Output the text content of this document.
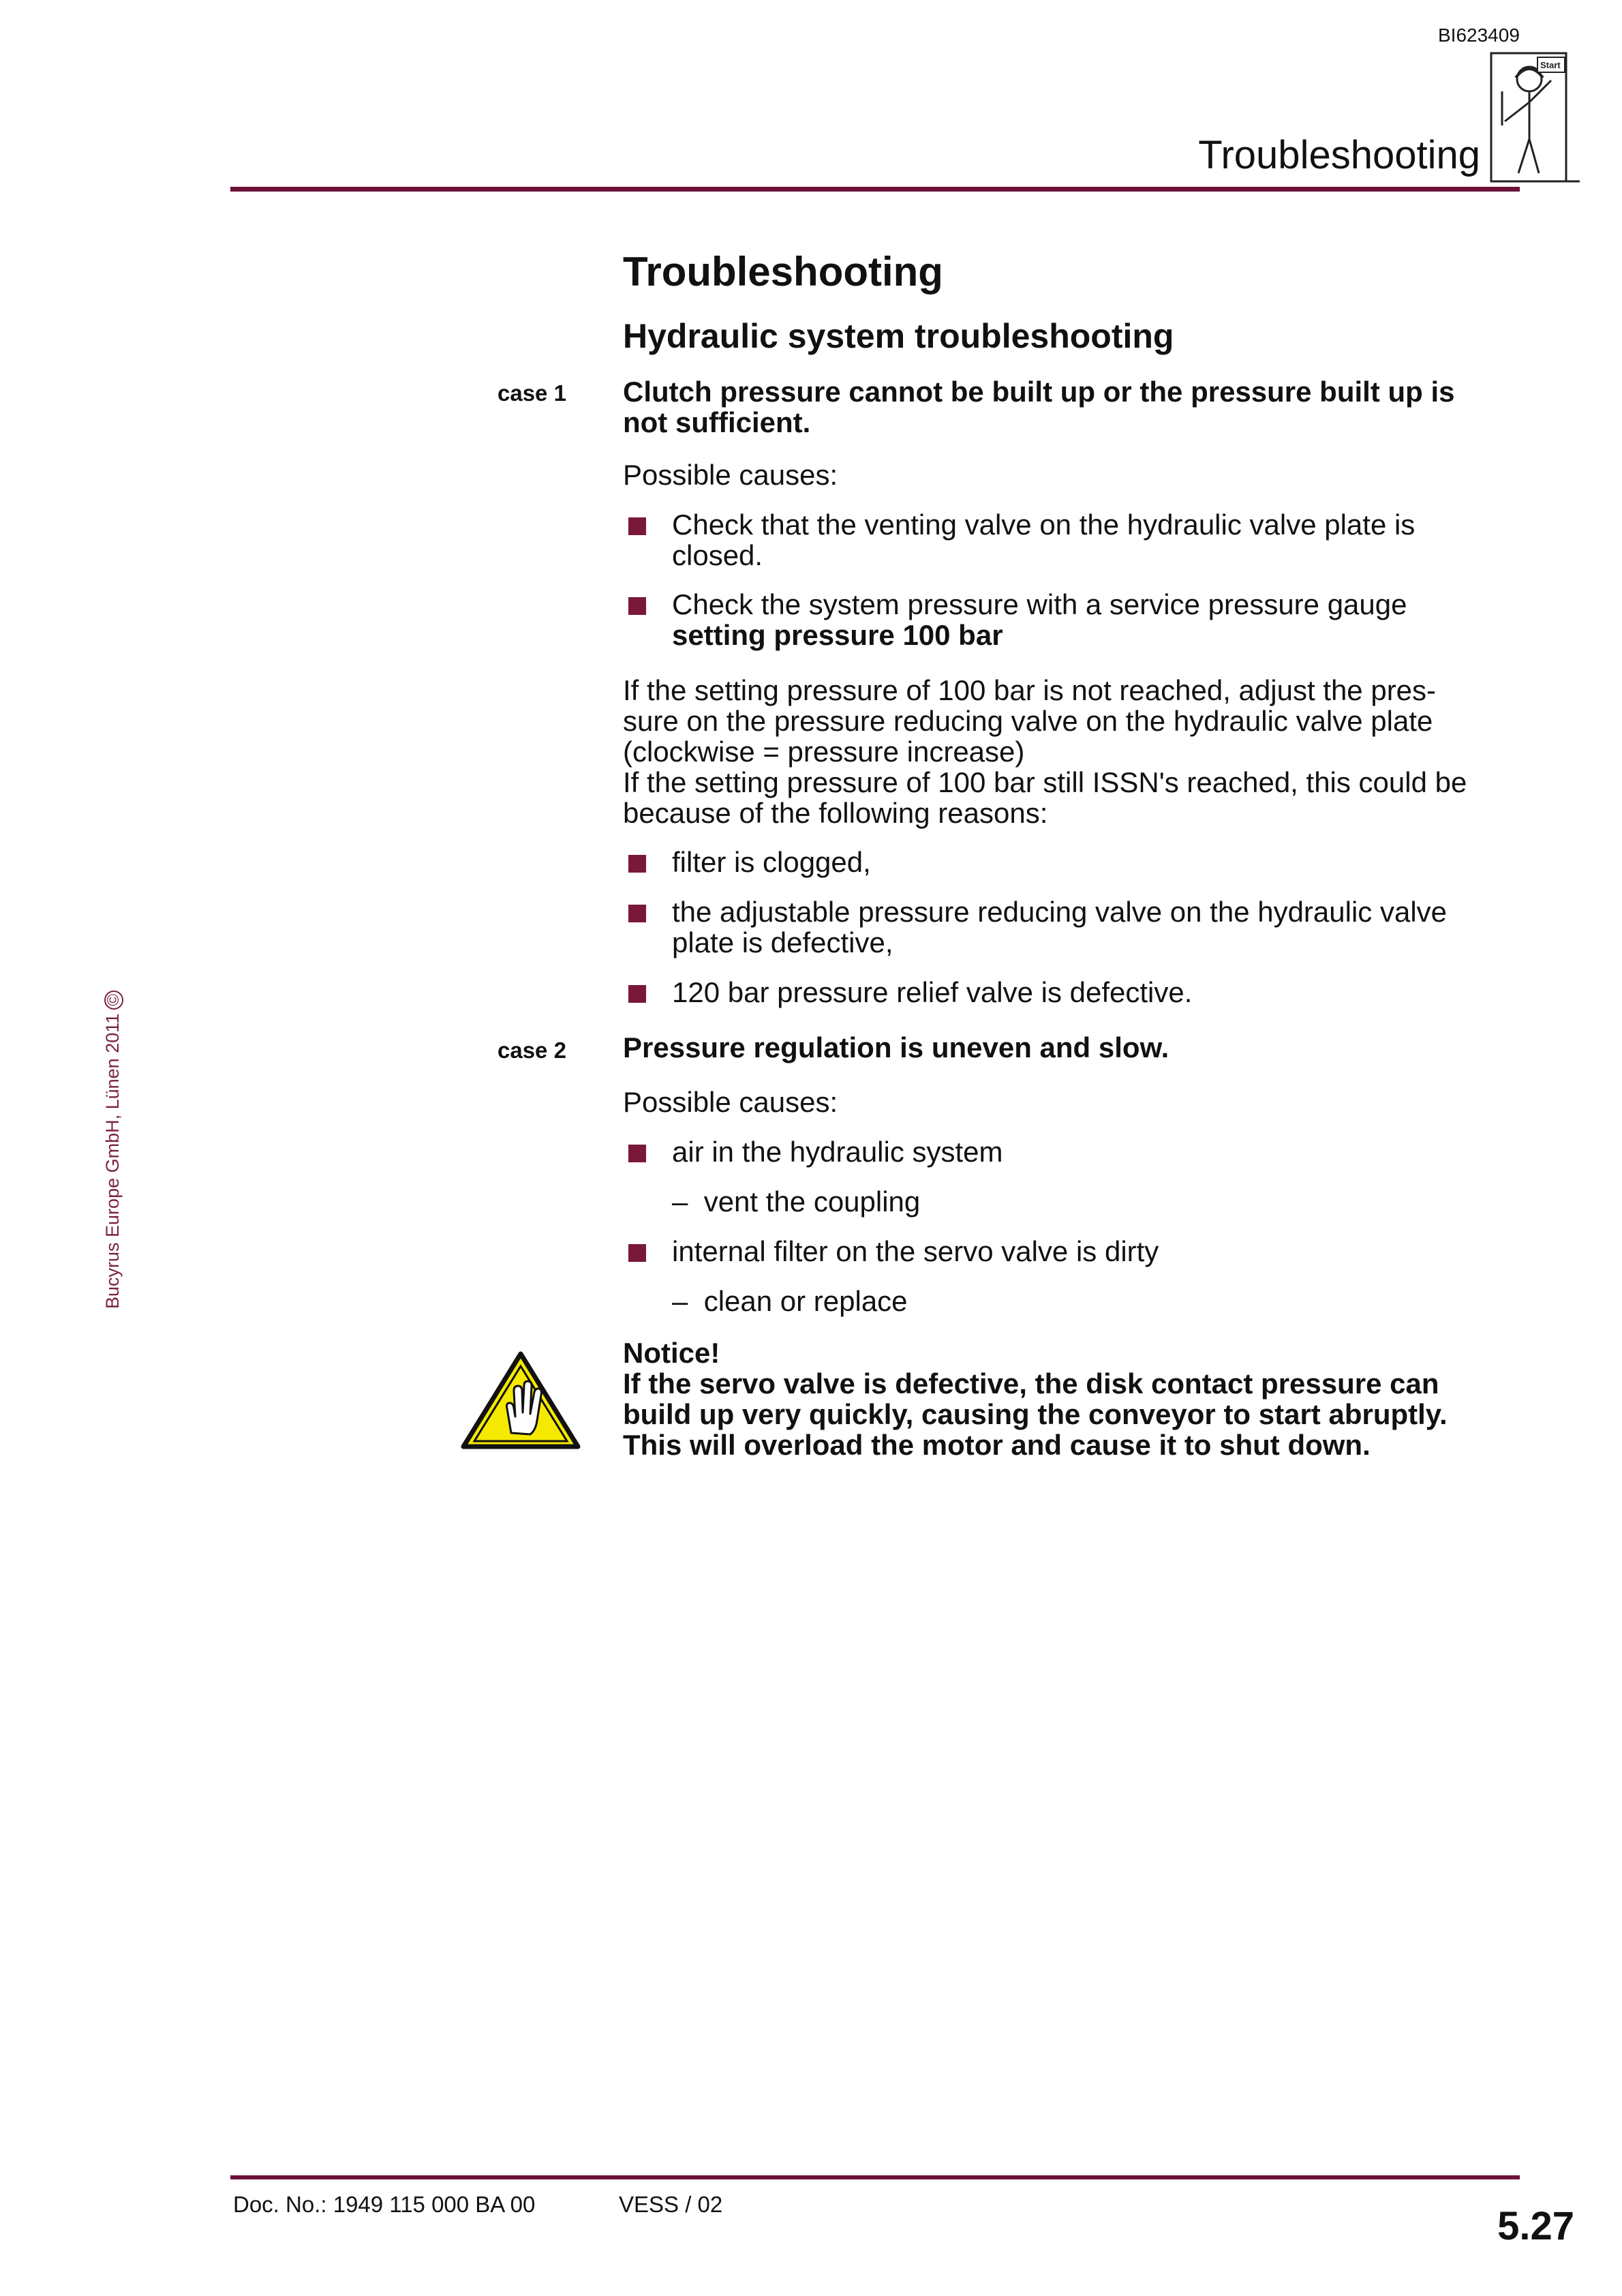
BI623409
Troubleshooting
Start
Bucyrus Europe GmbH, Lünen 2011©
Troubleshooting
Hydraulic system troubleshooting
case 1 Clutch pressure cannot be built up or the pressure built up is
not sufficient.
Possible causes:
Check that the venting valve on the hydraulic valve plate is
closed.
Check the system pressure with a service pressure gauge
setting pressure 100 bar
If the setting pressure of 100 bar is not reached, adjust the pres-
sure on the pressure reducing valve on the hydraulic valve plate
(clockwise = pressure increase)
If the setting pressure of 100 bar still ISSN's reached, this could be
because of the following reasons:
filter is clogged,
the adjustable pressure reducing valve on the hydraulic valve
plate is defective,
120 bar pressure relief valve is defective.
case 2 Pressure regulation is uneven and slow.
Possible causes:
air in the hydraulic system
–  vent the coupling
internal filter on the servo valve is dirty
–  clean or replace
Notice!
If the servo valve is defective, the disk contact pressure can
build up very quickly, causing the conveyor to start abruptly.
This will overload the motor and cause it to shut down.
Doc. No.: 1949 115 000 BA 00	VESS / 02	5.27
